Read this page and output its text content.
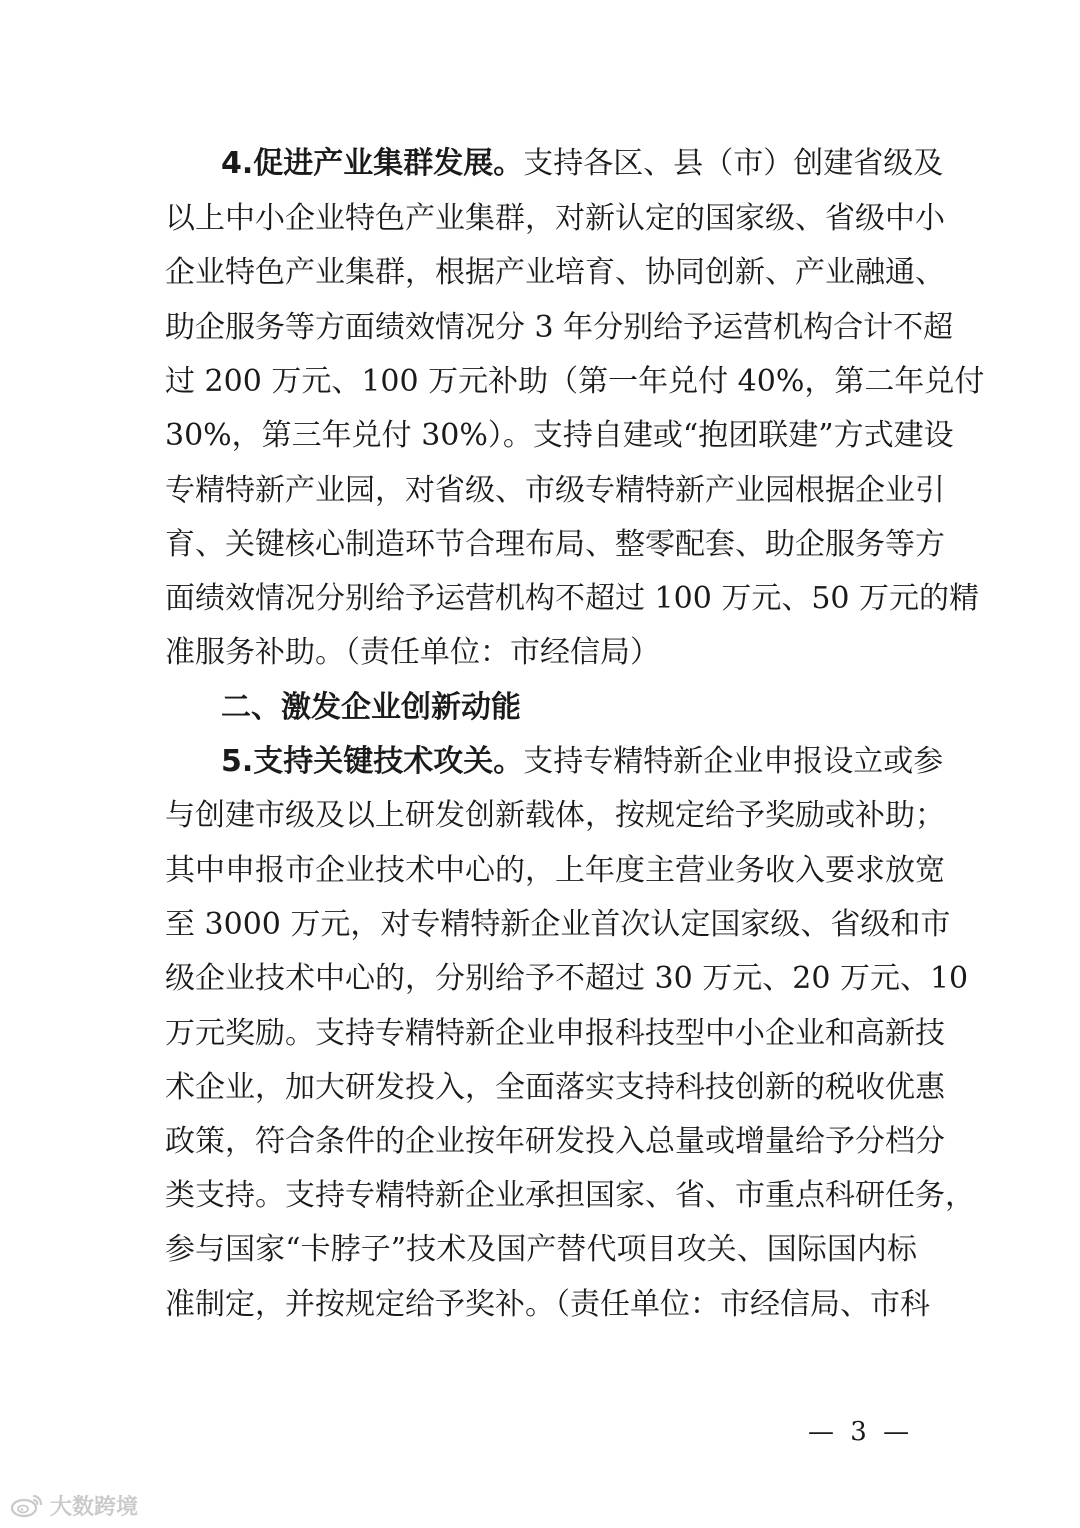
4.促进产业集群发展。支持各区、县（市）创建省级及
以上中小企业特色产业集群，对新认定的国家级、省级中小
企业特色产业集群，根据产业培育、协同创新、产业融通、
助企服务等方面绩效情况分 3 年分别给予运营机构合计不超
过 200 万元、100 万元补助（第一年兑付 40%，第二年兑付
30%，第三年兑付 30%）。支持自建或“抱团联建”方式建设
专精特新产业园，对省级、市级专精特新产业园根据企业引
育、关键核心制造环节合理布局、整零配套、助企服务等方
面绩效情况分别给予运营机构不超过 100 万元、50 万元的精
准服务补助。（责任单位：市经信局）
二、激发企业创新动能
5.支持关键技术攻关。支持专精特新企业申报设立或参
与创建市级及以上研发创新载体，按规定给予奖励或补助；
其中申报市企业技术中心的，上年度主营业务收入要求放宽
至 3000 万元，对专精特新企业首次认定国家级、省级和市
级企业技术中心的，分别给予不超过 30 万元、20 万元、10
万元奖励。支持专精特新企业申报科技型中小企业和高新技
术企业，加大研发投入，全面落实支持科技创新的税收优惠
政策，符合条件的企业按年研发投入总量或增量给予分档分
类支持。支持专精特新企业承担国家、省、市重点科研任务，
参与国家“卡脖子”技术及国产替代项目攻关、国际国内标
准制定，并按规定给予奖补。（责任单位：市经信局、市科
— 3 —
大数跨境
